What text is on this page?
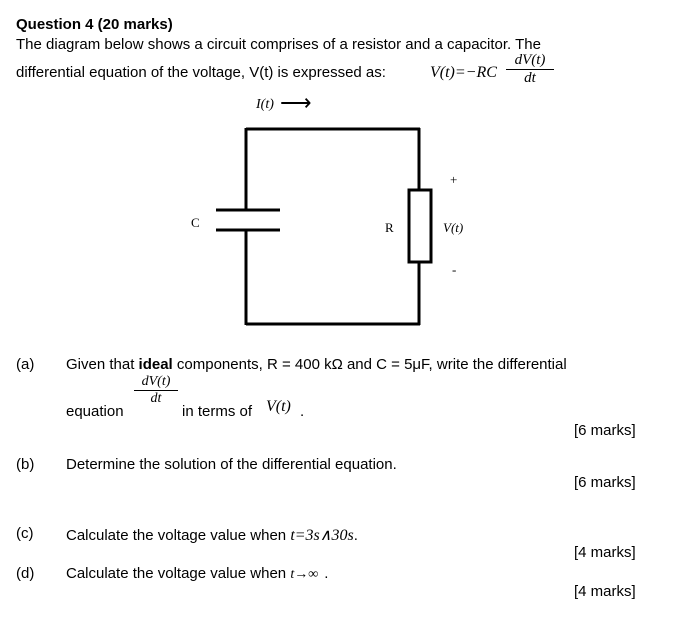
Question 4 (20 marks)
The diagram below shows a circuit comprises of a resistor and a capacitor. The
differential equation of the voltage, V(t) is expressed as:	$V(t)=-RC \frac{dV(t)}{dt}$
I(t) ⟶
C	R
+
V(t)
-
(a) Given that ideal components, R = 400 kΩ and C = 5μF, write the differential
equation
$\frac{dV(t)}{dt}$
in terms of V(t) .
[6 marks]
(b) Determine the solution of the differential equation.
[6 marks]
(c) Calculate the voltage value when t=3s∧30s.
[4 marks]
(d) Calculate the voltage value when t→∞ .
[4 marks]
